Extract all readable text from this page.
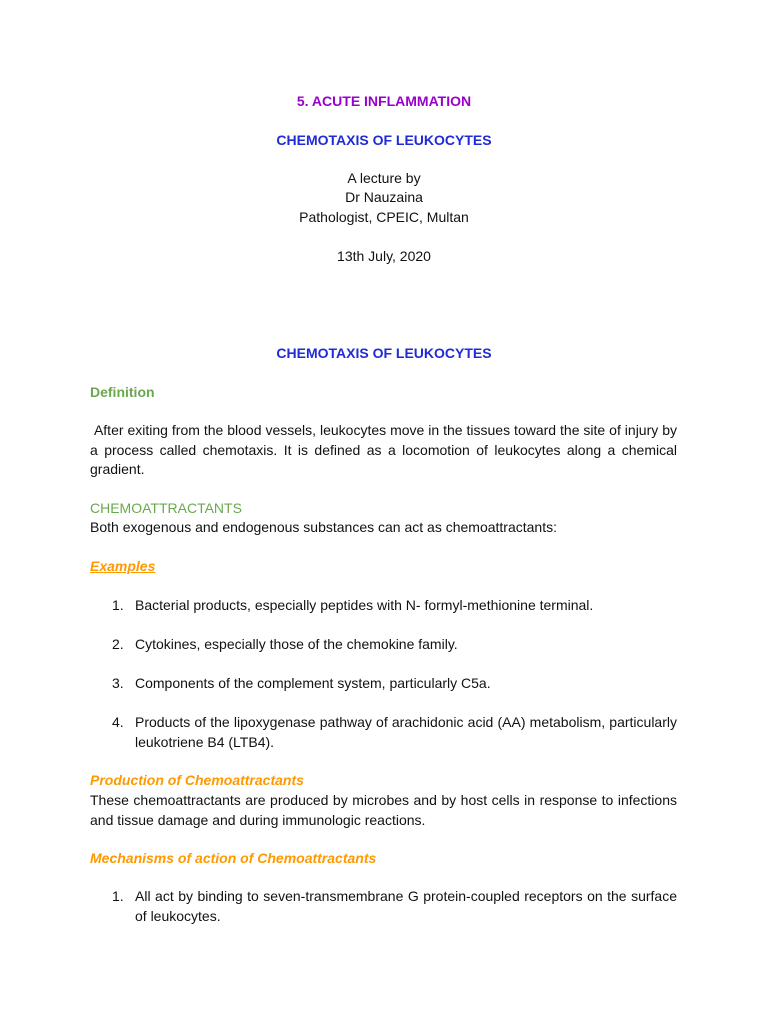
5. ACUTE INFLAMMATION
CHEMOTAXIS OF LEUKOCYTES
A lecture by
Dr Nauzaina
Pathologist, CPEIC, Multan
13th July, 2020
CHEMOTAXIS OF LEUKOCYTES
Definition
After exiting from the blood vessels, leukocytes move in the tissues toward the site of injury by a process called chemotaxis. It is defined as a locomotion of leukocytes along a chemical gradient.
CHEMOATTRACTANTS
Both exogenous and endogenous substances can act as chemoattractants:
Examples
1. Bacterial products, especially peptides with N- formyl-methionine terminal.
2. Cytokines, especially those of the chemokine family.
3. Components of the complement system, particularly C5a.
4. Products of the lipoxygenase pathway of arachidonic acid (AA) metabolism, particularly leukotriene B4 (LTB4).
Production of Chemoattractants
These chemoattractants are produced by microbes and by host cells in response to infections and tissue damage and during immunologic reactions.
Mechanisms of action of Chemoattractants
1. All act by binding to seven-transmembrane G protein-coupled receptors on the surface of leukocytes.
